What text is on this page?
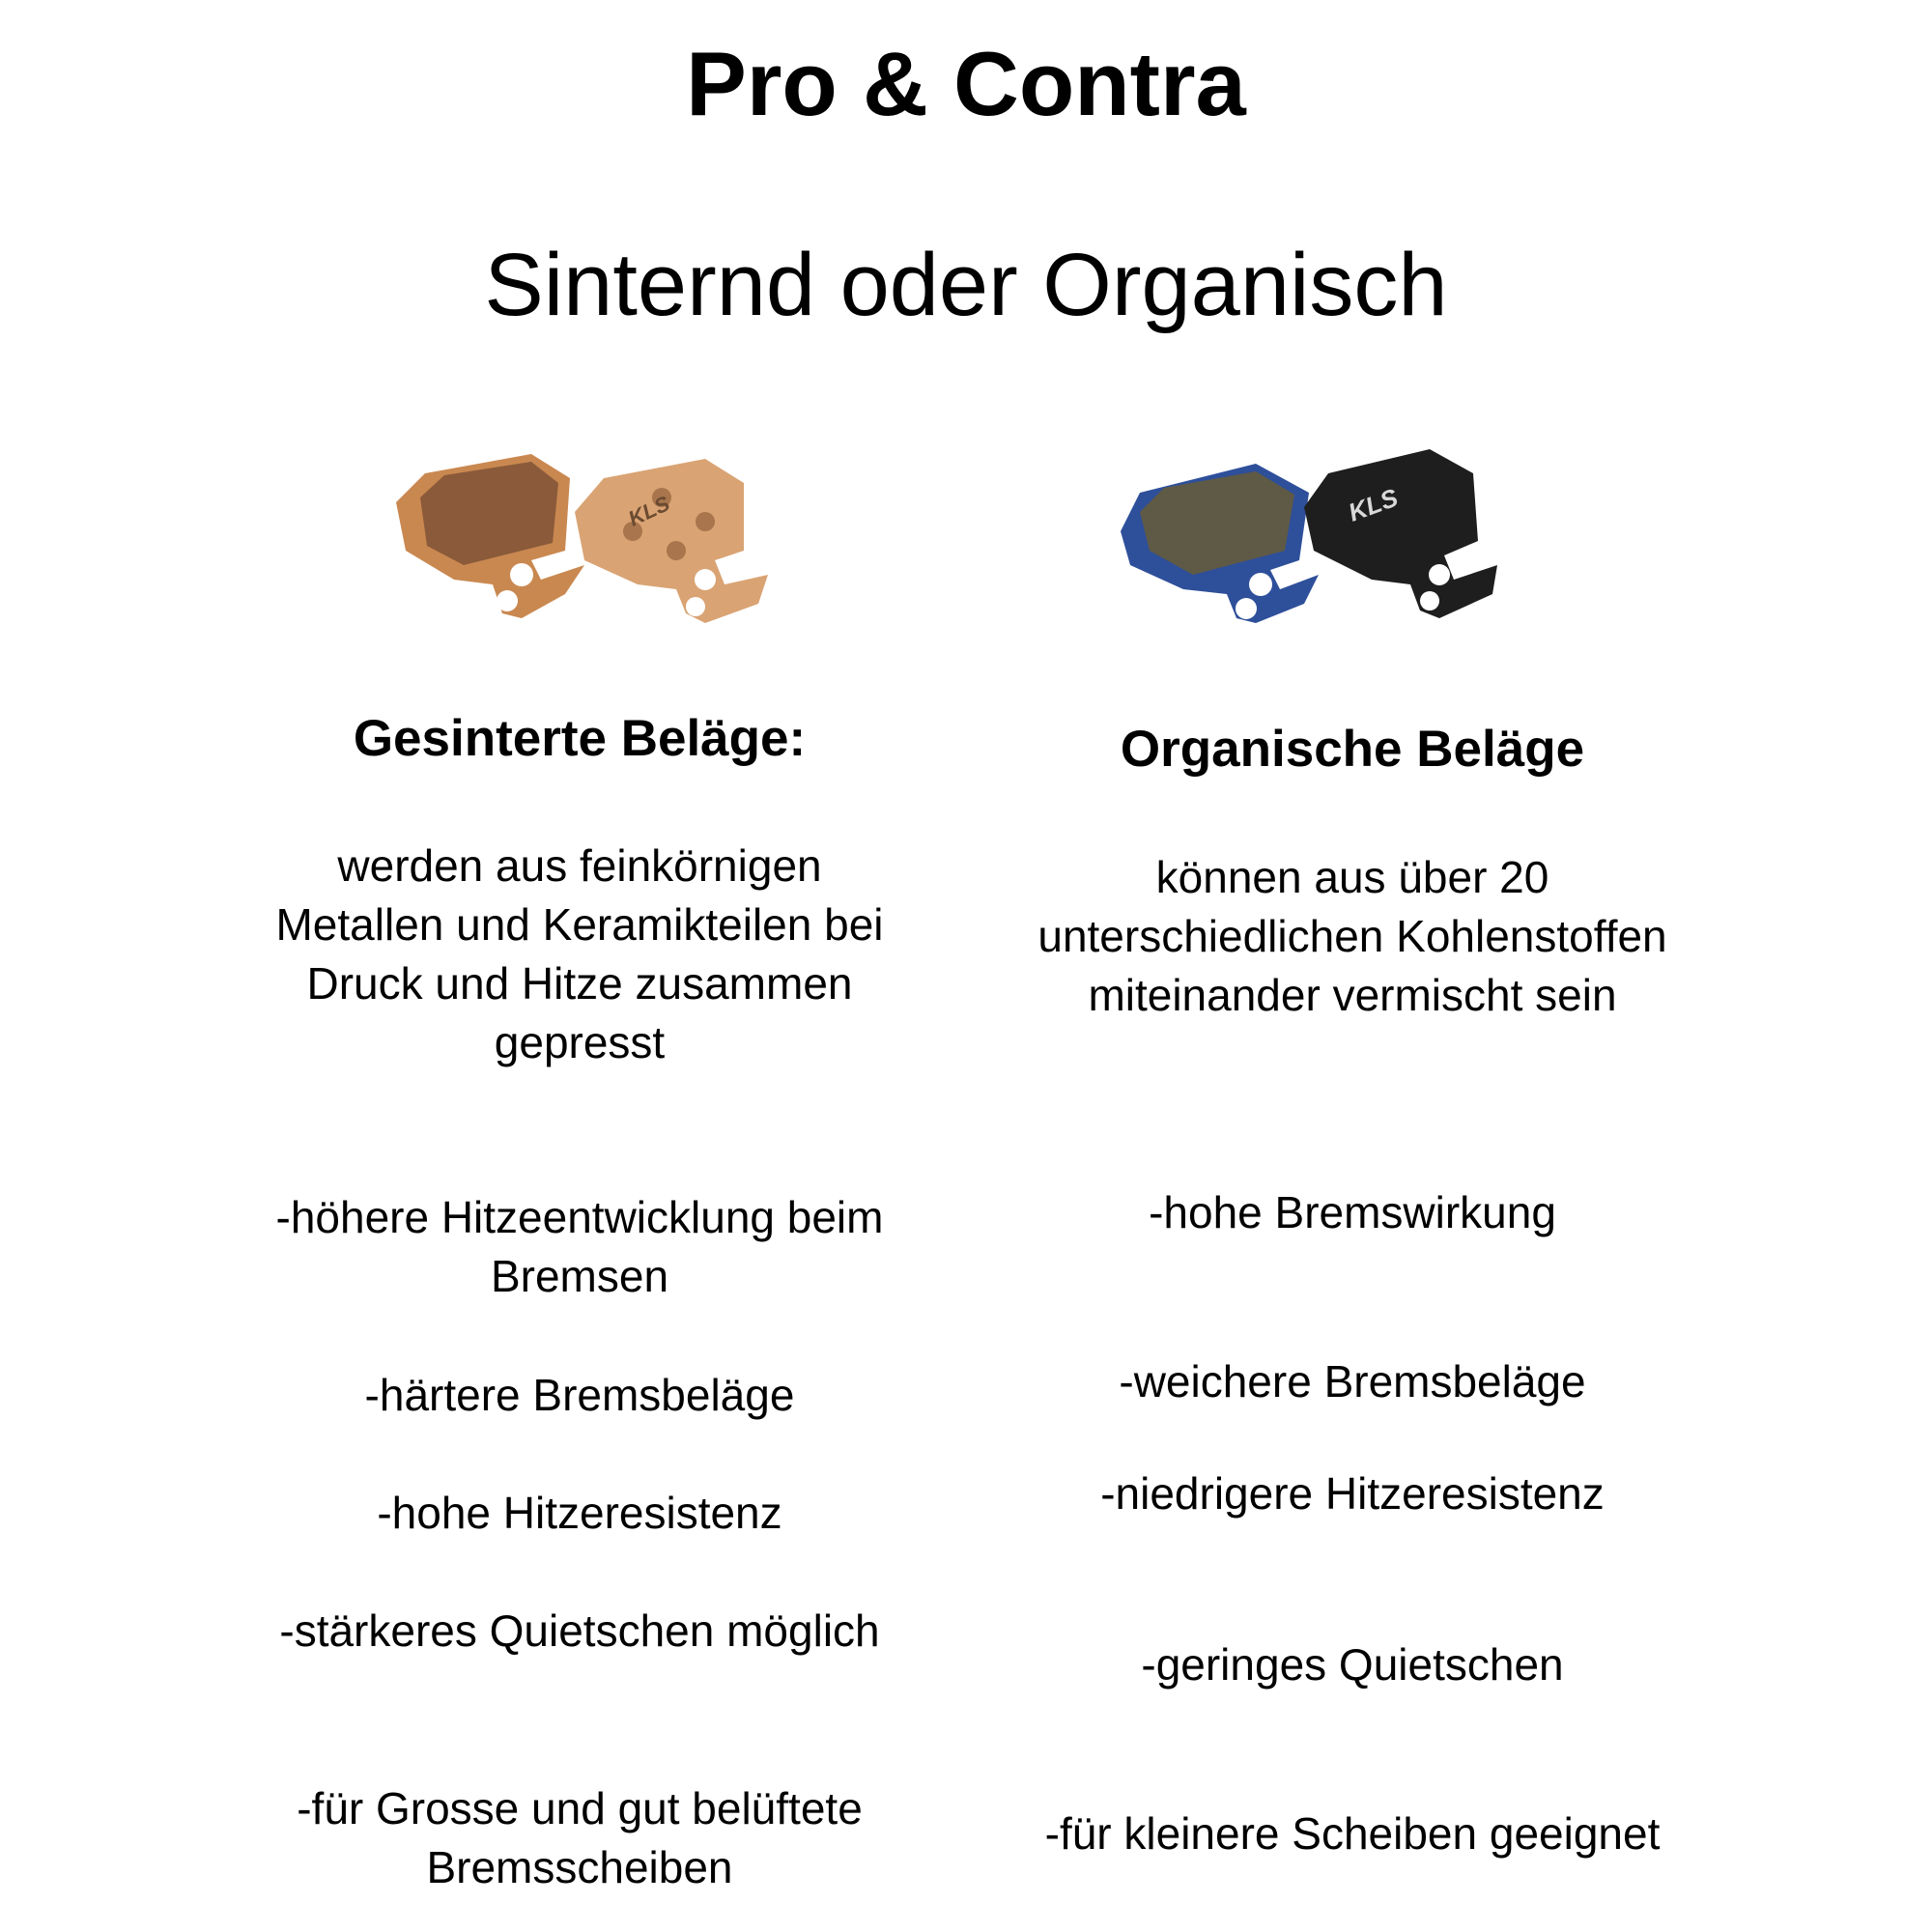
Pro & Contra
Sinternd oder Organisch
KLS	KLS
Gesinterte Beläge:
werden aus feinkörnigen Metallen und Keramikteilen bei Druck und Hitze zusammen gepresst
-höhere Hitzeentwicklung beim Bremsen
-härtere Bremsbeläge
-hohe Hitzeresistenz
-stärkeres Quietschen möglich
-für Grosse und gut belüftete Bremsscheiben
Organische Beläge
können aus über 20 unterschiedlichen Kohlenstoffen miteinander vermischt sein
-hohe Bremswirkung
-weichere Bremsbeläge
-niedrigere Hitzeresistenz
-geringes Quietschen
-für kleinere Scheiben geeignet
